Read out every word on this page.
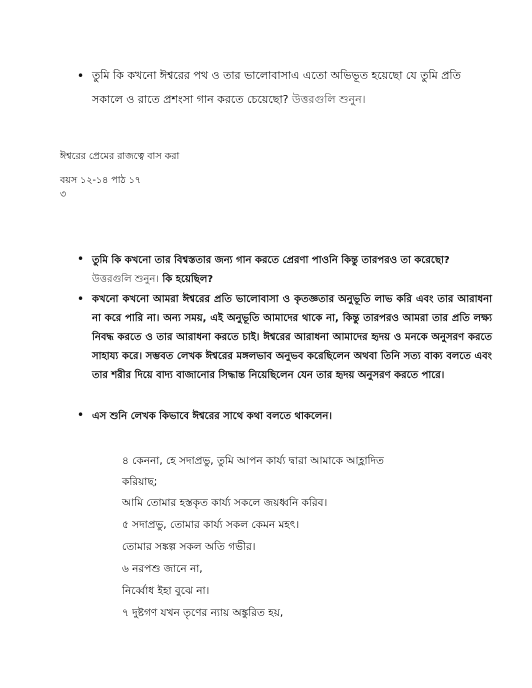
• তুমি কি কখনো ঈশ্বরের পথ ও তার ভালোবাসাএ এতো অভিভূত হয়েছো যে তুমি প্রতি সকালে ও রাতে প্রশংসা গান করতে চেয়েছো? উত্তরগুলি শুনুন।
ঈশ্বরের প্রেমের রাজত্বে বাস করা
বয়স ১২-১৪ পাঠ ১৭
৩
• তুমি কি কখনো তার বিশ্বস্ততার জন্য গান করতে প্রেরণা পাওনি কিন্তু তারপরও তা করেছো? উত্তরগুলি শুনুন। কি হয়েছিল?
• কখনো কখনো আমরা ঈশ্বরের প্রতি ভালোবাসা ও কৃতজ্ঞতার অনুভূতি লাভ করি এবং তার আরাধনা না করে পারি না। অন্য সময়, এই অনুভূতি আমাদের থাকে না, কিন্তু তারপরও আমরা তার প্রতি লক্ষ্য নিবদ্ধ করতে ও তার আরাধনা করতে চাই। ঈশ্বরের আরাধনা আমাদের হৃদয় ও মনকে অনুসরণ করতে সাহায্য করে। সম্ভবত লেখক ঈশ্বরের মঙ্গলভাব অনুভব করেছিলেন অথবা তিনি সত্য বাক্য বলতে এবং তার শরীর দিয়ে বাদ্য বাজানোর সিদ্ধান্ত নিয়েছিলেন যেন তার হৃদয় অনুসরণ করতে পারে।
• এস শুনি লেখক কিভাবে ঈশ্বরের সাথে কথা বলতে থাকলেন।
৪ কেননা, হে সদাপ্রভু, তুমি আপন কার্য্য দ্বারা আমাকে আহ্লাদিত
করিয়াছ;
আমি তোমার হস্তকৃত কার্য্য সকলে জয়ধ্বনি করিব।
৫ সদাপ্রভু, তোমার কার্য্য সকল কেমন মহৎ।
তোমার সঙ্কল্প সকল অতি গভীর।
৬ নরপশু জানে না,
নির্ব্বোধ ইহা বুঝে না।
৭ দুষ্টগণ যখন তৃণের ন্যায় অঙ্কুরিত হয়,
